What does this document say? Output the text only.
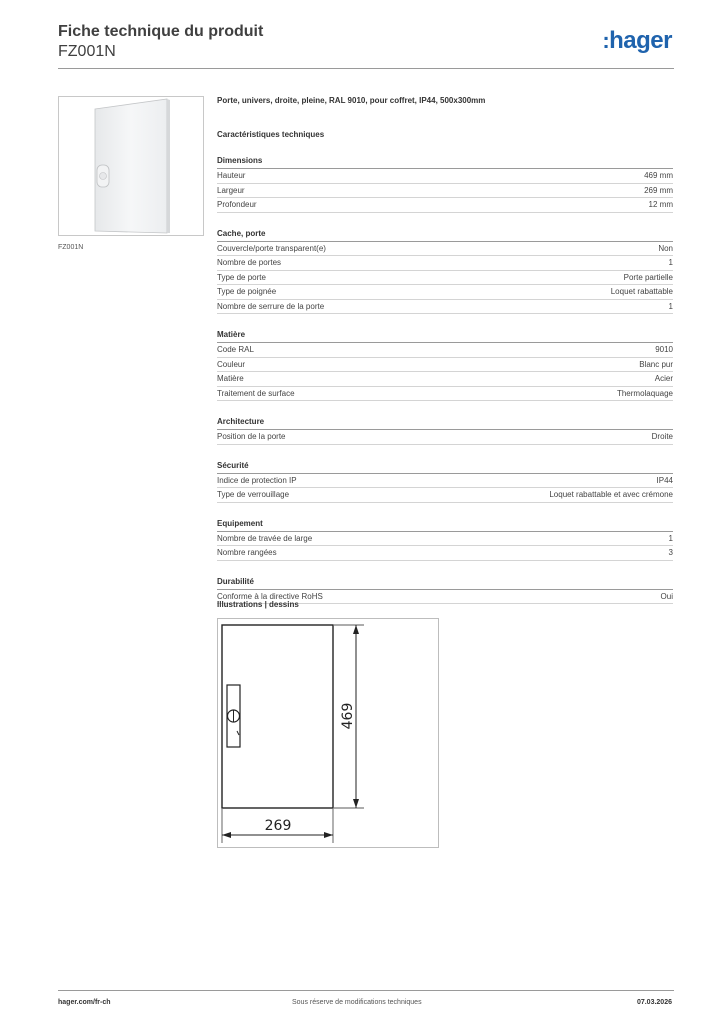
Fiche technique du produit
FZ001N	:hager
FZ001N
Porte, univers, droite, pleine, RAL 9010, pour coffret, IP44, 500x300mm
Caractéristiques techniques
Dimensions
Hauteur	469 mm
Largeur	269 mm
Profondeur	12 mm
Cache, porte
Couvercle/porte transparent(e)	Non
Nombre de portes	1
Type de porte	Porte partielle
Type de poignée	Loquet rabattable
Nombre de serrure de la porte	1
Matière
Code RAL	9010
Couleur	Blanc pur
Matière	Acier
Traitement de surface	Thermolaquage
Architecture
Position de la porte	Droite
Sécurité
Indice de protection IP	IP44
Type de verrouillage	Loquet rabattable et avec crémone
Equipement
Nombre de travée de large	1
Nombre rangées	3
Durabilité
Conforme à la directive RoHS	Oui
Illustrations | dessins
469
269
hager.com/fr-ch	Sous réserve de modifications techniques	07.03.2026
